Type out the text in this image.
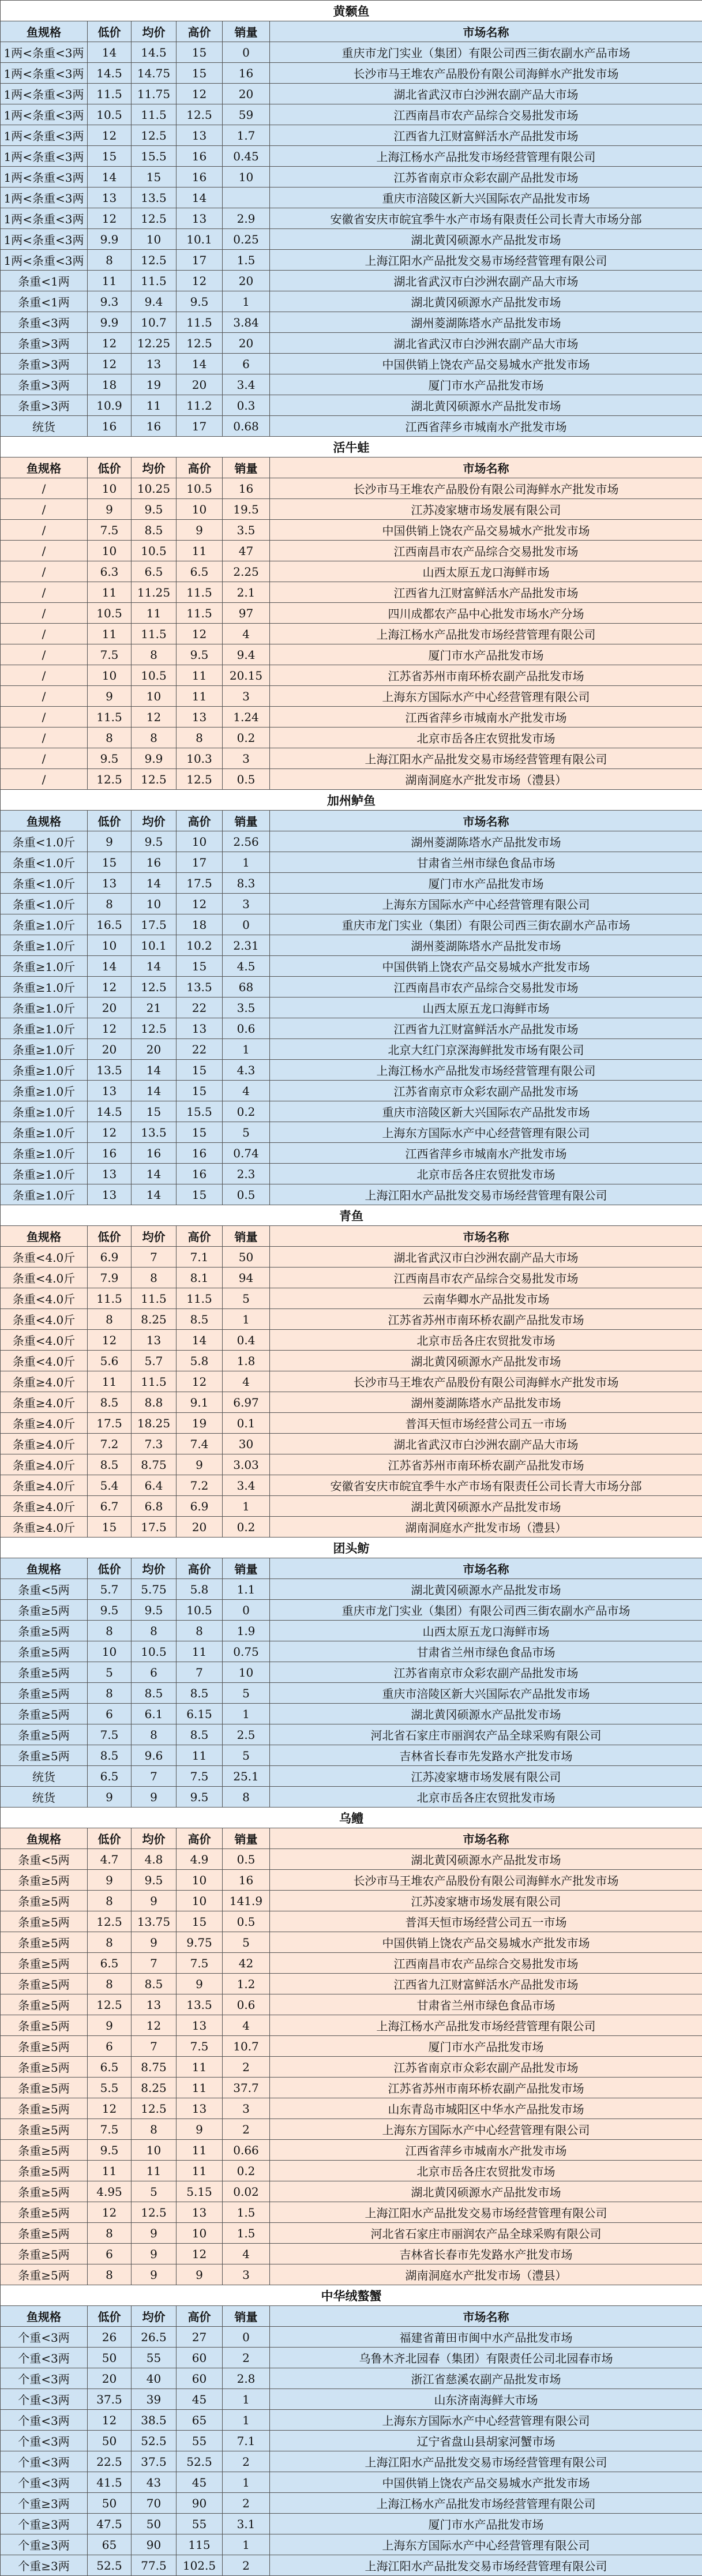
黄颡鱼					
鱼规格	低价	均价	高价	销量	市场名称
1两<条重<3两	14	14.5	15	0	重庆市龙门实业（集团）有限公司西三街农副水产品市场
1两<条重<3两	14.5	14.75	15	16	长沙市马王堆农产品股份有限公司海鲜水产批发市场
1两<条重<3两	11.5	11.75	12	20	湖北省武汉市白沙洲农副产品大市场
1两<条重<3两	10.5	11.5	12.5	59	江西南昌市农产品综合交易批发市场
1两<条重<3两	12	12.5	13	1.7	江西省九江财富鲜活水产品批发市场
1两<条重<3两	15	15.5	16	0.45	上海江杨水产品批发市场经营管理有限公司
1两<条重<3两	14	15	16	10	江苏省南京市众彩农副产品批发市场
1两<条重<3两	13	13.5	14		重庆市涪陵区新大兴国际农产品批发市场
1两<条重<3两	12	12.5	13	2.9	安徽省安庆市皖宜季牛水产市场有限责任公司长青大市场分部
1两<条重<3两	9.9	10	10.1	0.25	湖北黄冈硕源水产品批发市场
1两<条重<3两	8	12.5	17	1.5	上海江阳水产品批发交易市场经营管理有限公司
条重<1两	11	11.5	12	20	湖北省武汉市白沙洲农副产品大市场
条重<1两	9.3	9.4	9.5	1	湖北黄冈硕源水产品批发市场
条重<3两	9.9	10.7	11.5	3.84	湖州菱湖陈塔水产品批发市场
条重>3两	12	12.25	12.5	20	湖北省武汉市白沙洲农副产品大市场
条重>3两	12	13	14	6	中国供销上饶农产品交易城水产批发市场
条重>3两	18	19	20	3.4	厦门市水产品批发市场
条重>3两	10.9	11	11.2	0.3	湖北黄冈硕源水产品批发市场
统货	16	16	17	0.68	江西省萍乡市城南水产批发市场
活牛蛙					
鱼规格	低价	均价	高价	销量	市场名称
/	10	10.25	10.5	16	长沙市马王堆农产品股份有限公司海鲜水产批发市场
/	9	9.5	10	19.5	江苏凌家塘市场发展有限公司
/	7.5	8.5	9	3.5	中国供销上饶农产品交易城水产批发市场
/	10	10.5	11	47	江西南昌市农产品综合交易批发市场
/	6.3	6.5	6.5	2.25	山西太原五龙口海鲜市场
/	11	11.25	11.5	2.1	江西省九江财富鲜活水产品批发市场
/	10.5	11	11.5	97	四川成都农产品中心批发市场水产分场
/	11	11.5	12	4	上海江杨水产品批发市场经营管理有限公司
/	7.5	8	9.5	9.4	厦门市水产品批发市场
/	10	10.5	11	20.15	江苏省苏州市南环桥农副产品批发市场
/	9	10	11	3	上海东方国际水产中心经营管理有限公司
/	11.5	12	13	1.24	江西省萍乡市城南水产批发市场
/	8	8	8	0.2	北京市岳各庄农贸批发市场
/	9.5	9.9	10.3	3	上海江阳水产品批发交易市场经营管理有限公司
/	12.5	12.5	12.5	0.5	湖南洞庭水产批发市场（澧县）
加州鲈鱼					
鱼规格	低价	均价	高价	销量	市场名称
条重<1.0斤	9	9.5	10	2.56	湖州菱湖陈塔水产品批发市场
条重<1.0斤	15	16	17	1	甘肃省兰州市绿色食品市场
条重<1.0斤	13	14	17.5	8.3	厦门市水产品批发市场
条重<1.0斤	8	10	12	3	上海东方国际水产中心经营管理有限公司
条重≥1.0斤	16.5	17.5	18	0	重庆市龙门实业（集团）有限公司西三街农副水产品市场
条重≥1.0斤	10	10.1	10.2	2.31	湖州菱湖陈塔水产品批发市场
条重≥1.0斤	14	14	15	4.5	中国供销上饶农产品交易城水产批发市场
条重≥1.0斤	12	12.5	13.5	68	江西南昌市农产品综合交易批发市场
条重≥1.0斤	20	21	22	3.5	山西太原五龙口海鲜市场
条重≥1.0斤	12	12.5	13	0.6	江西省九江财富鲜活水产品批发市场
条重≥1.0斤	20	20	22	1	北京大红门京深海鲜批发市场有限公司
条重≥1.0斤	13.5	14	15	4.3	上海江杨水产品批发市场经营管理有限公司
条重≥1.0斤	13	14	15	4	江苏省南京市众彩农副产品批发市场
条重≥1.0斤	14.5	15	15.5	0.2	重庆市涪陵区新大兴国际农产品批发市场
条重≥1.0斤	12	13.5	15	5	上海东方国际水产中心经营管理有限公司
条重≥1.0斤	16	16	16	0.74	江西省萍乡市城南水产批发市场
条重≥1.0斤	13	14	16	2.3	北京市岳各庄农贸批发市场
条重≥1.0斤	13	14	15	0.5	上海江阳水产品批发交易市场经营管理有限公司
青鱼					
鱼规格	低价	均价	高价	销量	市场名称
条重<4.0斤	6.9	7	7.1	50	湖北省武汉市白沙洲农副产品大市场
条重<4.0斤	7.9	8	8.1	94	江西南昌市农产品综合交易批发市场
条重<4.0斤	11.5	11.5	11.5	5	云南华卿水产品批发市场
条重<4.0斤	8	8.25	8.5	1	江苏省苏州市南环桥农副产品批发市场
条重<4.0斤	12	13	14	0.4	北京市岳各庄农贸批发市场
条重<4.0斤	5.6	5.7	5.8	1.8	湖北黄冈硕源水产品批发市场
条重≥4.0斤	11	11.5	12	4	长沙市马王堆农产品股份有限公司海鲜水产批发市场
条重≥4.0斤	8.5	8.8	9.1	6.97	湖州菱湖陈塔水产品批发市场
条重≥4.0斤	17.5	18.25	19	0.1	普洱天恒市场经营公司五一市场
条重≥4.0斤	7.2	7.3	7.4	30	湖北省武汉市白沙洲农副产品大市场
条重≥4.0斤	8.5	8.75	9	3.03	江苏省苏州市南环桥农副产品批发市场
条重≥4.0斤	5.4	6.4	7.2	3.4	安徽省安庆市皖宜季牛水产市场有限责任公司长青大市场分部
条重≥4.0斤	6.7	6.8	6.9	1	湖北黄冈硕源水产品批发市场
条重≥4.0斤	15	17.5	20	0.2	湖南洞庭水产批发市场（澧县）
团头鲂					
鱼规格	低价	均价	高价	销量	市场名称
条重<5两	5.7	5.75	5.8	1.1	湖北黄冈硕源水产品批发市场
条重≥5两	9.5	9.5	10.5	0	重庆市龙门实业（集团）有限公司西三街农副水产品市场
条重≥5两	8	8	8	1.9	山西太原五龙口海鲜市场
条重≥5两	10	10.5	11	0.75	甘肃省兰州市绿色食品市场
条重≥5两	5	6	7	10	江苏省南京市众彩农副产品批发市场
条重≥5两	8	8.5	8.5	5	重庆市涪陵区新大兴国际农产品批发市场
条重≥5两	6	6.1	6.15	1	湖北黄冈硕源水产品批发市场
条重≥5两	7.5	8	8.5	2.5	河北省石家庄市丽润农产品全球采购有限公司
条重≥5两	8.5	9.6	11	5	吉林省长春市先发路水产批发市场
统货	6.5	7	7.5	25.1	江苏凌家塘市场发展有限公司
统货	9	9	9.5	8	北京市岳各庄农贸批发市场
乌鳢					
鱼规格	低价	均价	高价	销量	市场名称
条重<5两	4.7	4.8	4.9	0.5	湖北黄冈硕源水产品批发市场
条重≥5两	9	9.5	10	16	长沙市马王堆农产品股份有限公司海鲜水产批发市场
条重≥5两	8	9	10	141.9	江苏凌家塘市场发展有限公司
条重≥5两	12.5	13.75	15	0.5	普洱天恒市场经营公司五一市场
条重≥5两	8	9	9.75	5	中国供销上饶农产品交易城水产批发市场
条重≥5两	6.5	7	7.5	42	江西南昌市农产品综合交易批发市场
条重≥5两	8	8.5	9	1.2	江西省九江财富鲜活水产品批发市场
条重≥5两	12.5	13	13.5	0.6	甘肃省兰州市绿色食品市场
条重≥5两	9	12	13	4	上海江杨水产品批发市场经营管理有限公司
条重≥5两	6	7	7.5	10.7	厦门市水产品批发市场
条重≥5两	6.5	8.75	11	2	江苏省南京市众彩农副产品批发市场
条重≥5两	5.5	8.25	11	37.7	江苏省苏州市南环桥农副产品批发市场
条重≥5两	12	12.5	13	3	山东青岛市城阳区中华水产品批发市场
条重≥5两	7.5	8	9	2	上海东方国际水产中心经营管理有限公司
条重≥5两	9.5	10	11	0.66	江西省萍乡市城南水产批发市场
条重≥5两	11	11	11	0.2	北京市岳各庄农贸批发市场
条重≥5两	4.95	5	5.15	0.02	湖北黄冈硕源水产品批发市场
条重≥5两	12	12.5	13	1.5	上海江阳水产品批发交易市场经营管理有限公司
条重≥5两	8	9	10	1.5	河北省石家庄市丽润农产品全球采购有限公司
条重≥5两	6	9	12	4	吉林省长春市先发路水产批发市场
条重≥5两	8	9	9	3	湖南洞庭水产批发市场（澧县）
中华绒螯蟹					
鱼规格	低价	均价	高价	销量	市场名称
个重<3两	26	26.5	27	0	福建省莆田市闽中水产品批发市场
个重<3两	50	55	60	2	乌鲁木齐北园春（集团）有限责任公司北园春市场
个重<3两	20	40	60	2.8	浙江省慈溪农副产品批发市场
个重<3两	37.5	39	45	1	山东济南海鲜大市场
个重<3两	12	38.5	65	1	上海东方国际水产中心经营管理有限公司
个重<3两	50	52.5	55	7.1	辽宁省盘山县胡家河蟹市场
个重<3两	22.5	37.5	52.5	2	上海江阳水产品批发交易市场经营管理有限公司
个重<3两	41.5	43	45	1	中国供销上饶农产品交易城水产批发市场
个重≥3两	50	70	90	2	上海江杨水产品批发市场经营管理有限公司
个重≥3两	47.5	50	55	3.1	厦门市水产品批发市场
个重≥3两	65	90	115	1	上海东方国际水产中心经营管理有限公司
个重≥3两	52.5	77.5	102.5	2	上海江阳水产品批发交易市场经营管理有限公司
